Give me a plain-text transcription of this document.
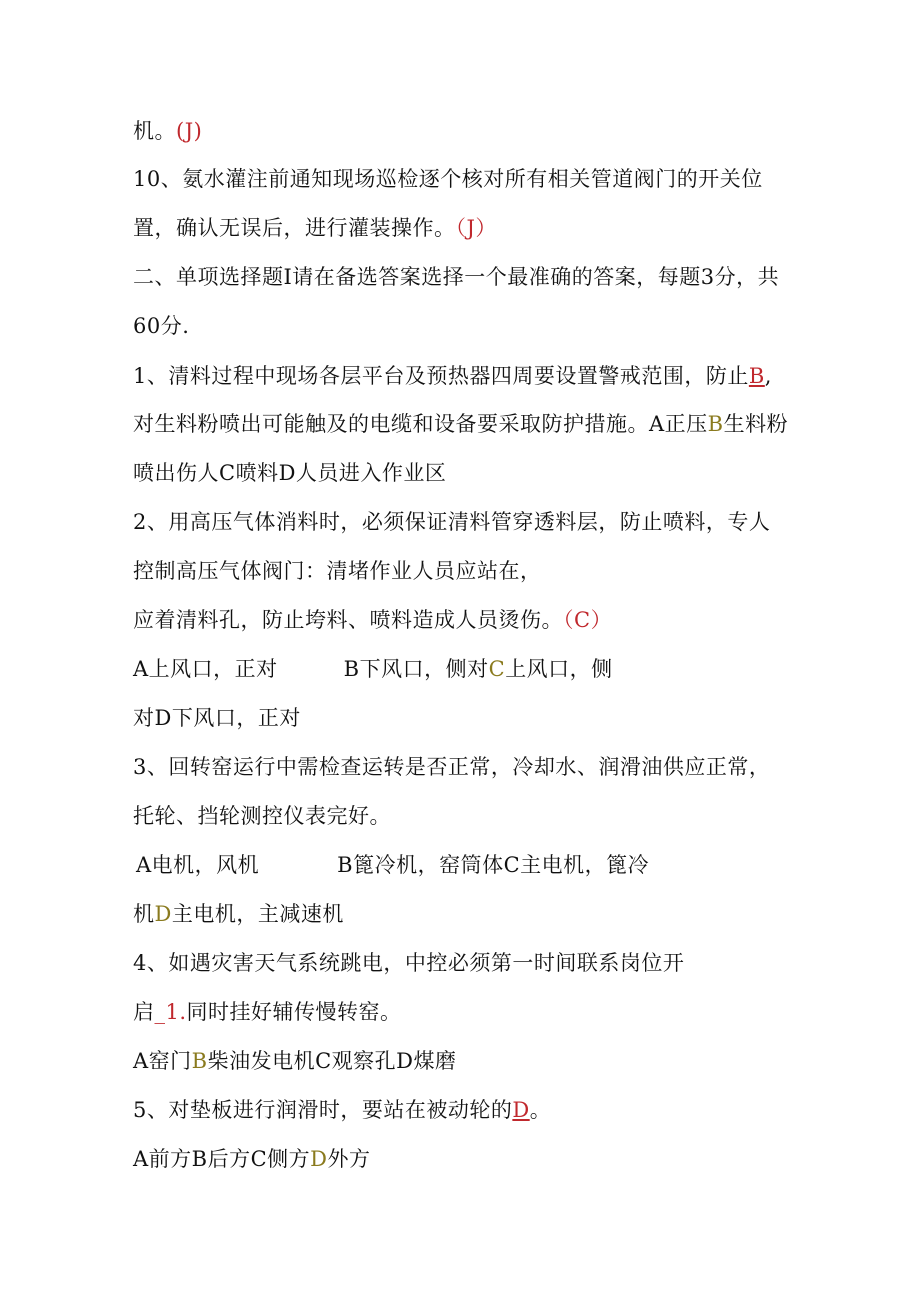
机。(J)
10、氨水灌注前通知现场巡检逐个核对所有相关管道阀门的开关位
置，确认无误后，进行灌装操作。（J）
二、单项选择题I请在备选答案选择一个最准确的答案，每题3分，共
60分.
1、清料过程中现场各层平台及预热器四周要设置警戒范围，防止B,
对生料粉喷出可能触及的电缆和设备要采取防护措施。A正压B生料粉
喷出伤人C喷料D人员进入作业区
2、用高压气体消料时，必须保证清料管穿透料层，防止喷料，专人
控制高压气体阀门：清堵作业人员应站在，
应着清料孔，防止垮料、喷料造成人员烫伤。（C）
A上风口，正对	B下风口，侧对C上风口，侧
对D下风口，正对
3、回转窑运行中需检查运转是否正常，冷却水、润滑油供应正常，
托轮、挡轮测控仪表完好。
A电机，风机	B篦冷机，窑筒体C主电机，篦冷
机D主电机，主减速机
4、如遇灾害天气系统跳电，中控必须第一时间联系岗位开
启_1.同时挂好辅传慢转窑。
A窑门B柴油发电机C观察孔D煤磨
5、对垫板进行润滑时，要站在被动轮的D。
A前方B后方C侧方D外方
